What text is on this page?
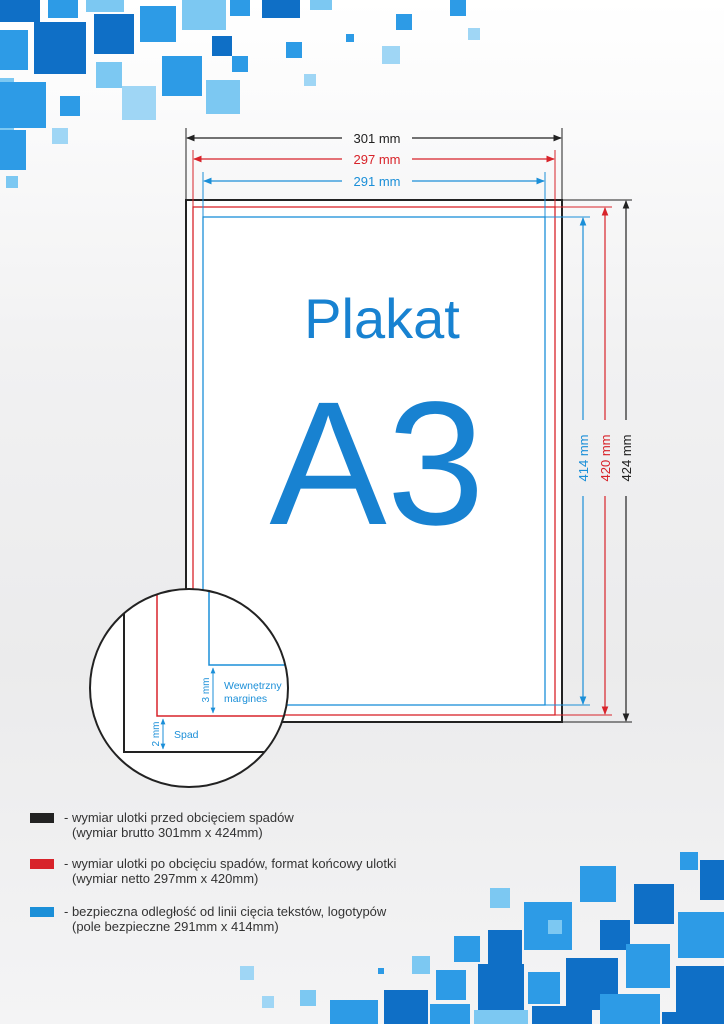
301 mm
297 mm
291 mm
424 mm
420 mm
414 mm
Plakat
A3
3 mm Wewnętrzny
margines
2 mm Spad
- wymiar ulotki przed obcięciem spadów
(wymiar brutto 301mm x 424mm)
- wymiar ulotki po obcięciu spadów, format końcowy ulotki
(wymiar netto 297mm x 420mm)
- bezpieczna odległość od linii cięcia tekstów, logotypów
(pole bezpieczne 291mm x 414mm)
